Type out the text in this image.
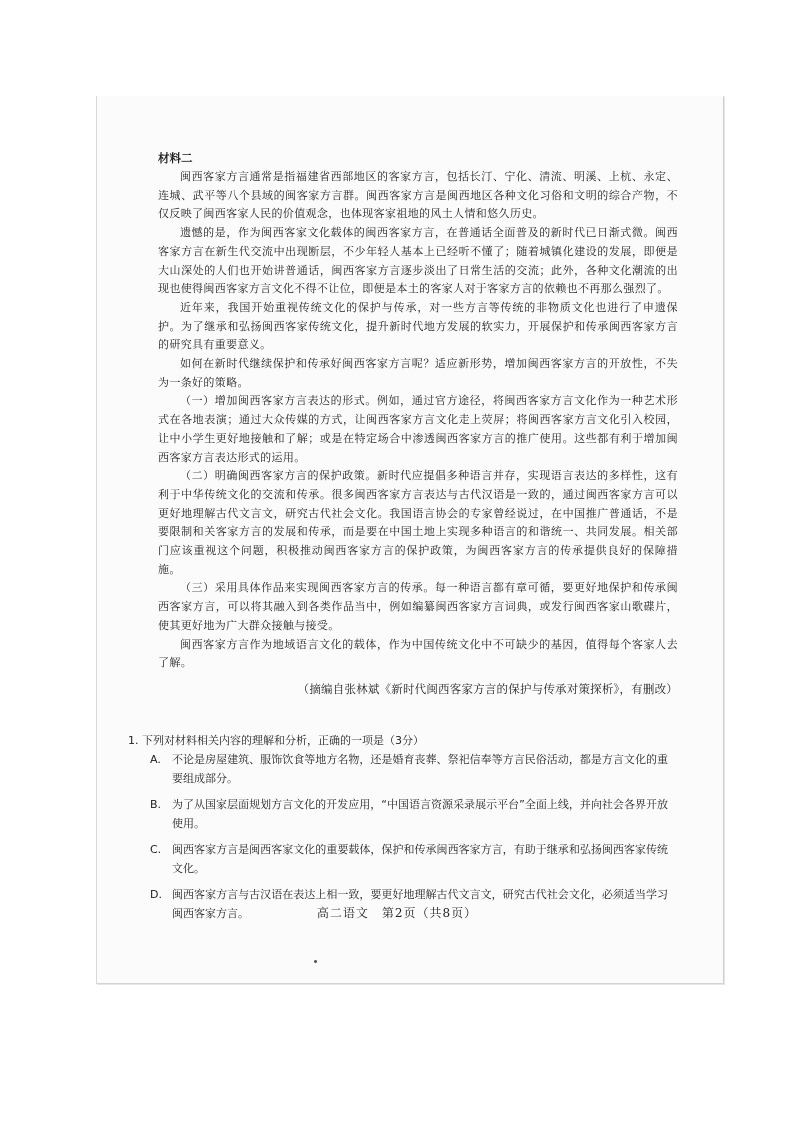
材料二

闽西客家方言通常是指福建省西部地区的客家方言，包括长汀、宁化、清流、明溪、上杭、永定、连城、武平等八个县域的闽客家方言群。闽西客家方言是闽西地区各种文化习俗和文明的综合产物，不仅反映了闽西客家人民的价值观念，也体现客家祖地的风土人情和悠久历史。

遗憾的是，作为闽西客家文化载体的闽西客家方言，在普通话全面普及的新时代已日渐式微。闽西客家方言在新生代交流中出现断层，不少年轻人基本上已经听不懂了；随着城镇化建设的发展，即便是大山深处的人们也开始讲普通话，闽西客家方言逐步淡出了日常生活的交流；此外，各种文化潮流的出现也使得闽西客家方言文化不得不让位，即便是本土的客家人对于客家方言的依赖也不再那么强烈了。

近年来，我国开始重视传统文化的保护与传承，对一些方言等传统的非物质文化也进行了申遗保护。为了继承和弘扬闽西客家传统文化，提升新时代地方发展的软实力，开展保护和传承闽西客家方言的研究具有重要意义。

如何在新时代继续保护和传承好闽西客家方言呢？适应新形势，增加闽西客家方言的开放性，不失为一条好的策略。

（一）增加闽西客家方言表达的形式。例如，通过官方途径，将闽西客家方言文化作为一种艺术形式在各地表演；通过大众传媒的方式，让闽西客家方言文化走上荧屏；将闽西客家方言文化引入校园，让中小学生更好地接触和了解；或是在特定场合中渗透闽西客家方言的推广使用。这些都有利于增加闽西客家方言表达形式的运用。

（二）明确闽西客家方言的保护政策。新时代应提倡多种语言并存，实现语言表达的多样性，这有利于中华传统文化的交流和传承。很多闽西客家方言表达与古代汉语是一致的，通过闽西客家方言可以更好地理解古代文言文，研究古代社会文化。我国语言协会的专家曾经说过，在中国推广普通话，不是要限制和关客家方言的发展和传承，而是要在中国土地上实现多种语言的和谐统一、共同发展。相关部门应该重视这个问题，积极推动闽西客家方言的保护政策，为闽西客家方言的传承提供良好的保障措施。

（三）采用具体作品来实现闽西客家方言的传承。每一种语言都有章可循，要更好地保护和传承闽西客家方言，可以将其融入到各类作品当中，例如编纂闽西客家方言词典，或发行闽西客家山歌碟片，使其更好地为广大群众接触与接受。

闽西客家方言作为地域语言文化的载体，作为中国传统文化中不可缺少的基因，值得每个客家人去了解。

（摘编自张林斌《新时代闽西客家方言的保护与传承对策探析》，有删改）

1. 下列对材料相关内容的理解和分析，正确的一项是（3分）

A.	不论是房屋建筑、服饰饮食等地方名物，还是婚育丧葬、祭祀信奉等方言民俗活动，都是方言文化的重要组成部分。
B. 为了从国家层面规划方言文化的开发应用，“中国语言资源采录展示平台”全面上线，并向社会各界开放使用。
C. 闽西客家方言是闽西客家文化的重要载体，保护和传承闽西客家方言，有助于继承和弘扬闽西客家传统文化。
D. 闽西客家方言与古汉语在表达上相一致，要更好地理解古代文言文，研究古代社会文化，必须适当学习闽西客家方言。	高二语文　第2页（共8页）
